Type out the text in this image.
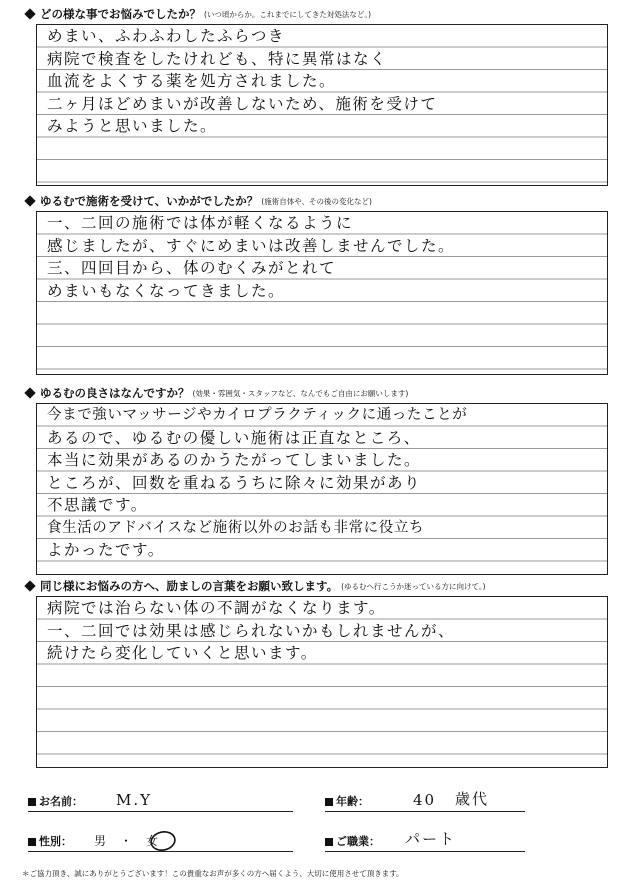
どの様な事でお悩みでしたか？ (いつ頃からか。これまでにしてきた対処法など。)
めまい、ふわふわしたふらつき
病院で検査をしたけれども、特に異常はなく
血流をよくする薬を処方されました。
二ヶ月ほどめまいが改善しないため、施術を受けて
みようと思いました。
ゆるむで施術を受けて、いかがでしたか？ (施術自体や、その後の変化など)
一、二回の施術では体が軽くなるように
感じましたが、すぐにめまいは改善しませんでした。
三、四回目から、体のむくみがとれて
めまいもなくなってきました。
ゆるむの良さはなんですか？ (効果・雰囲気・スタッフなど、なんでもご自由にお願いします)
今まで強いマッサージやカイロプラクティックに通ったことが
あるので、ゆるむの優しい施術は正直なところ、
本当に効果があるのかうたがってしまいました。
ところが、回数を重ねるうちに除々に効果があり
不思議です。
食生活のアドバイスなど施術以外のお話も非常に役立ち
よかったです。
同じ様にお悩みの方へ、励ましの言葉をお願い致します。 (ゆるむへ行こうか迷っている方に向けて。)
病院では治らない体の不調がなくなります。
一、二回では効果は感じられないかもしれませんが、
続けたら変化していくと思います。
お名前： M.Y	年齢：	40 歳代
性別： 男　・　女	ご職業： パート
＊ご協力頂き、誠にありがとうございます！この貴重なお声が多くの方へ届くよう、大切に使用させて頂きます。
